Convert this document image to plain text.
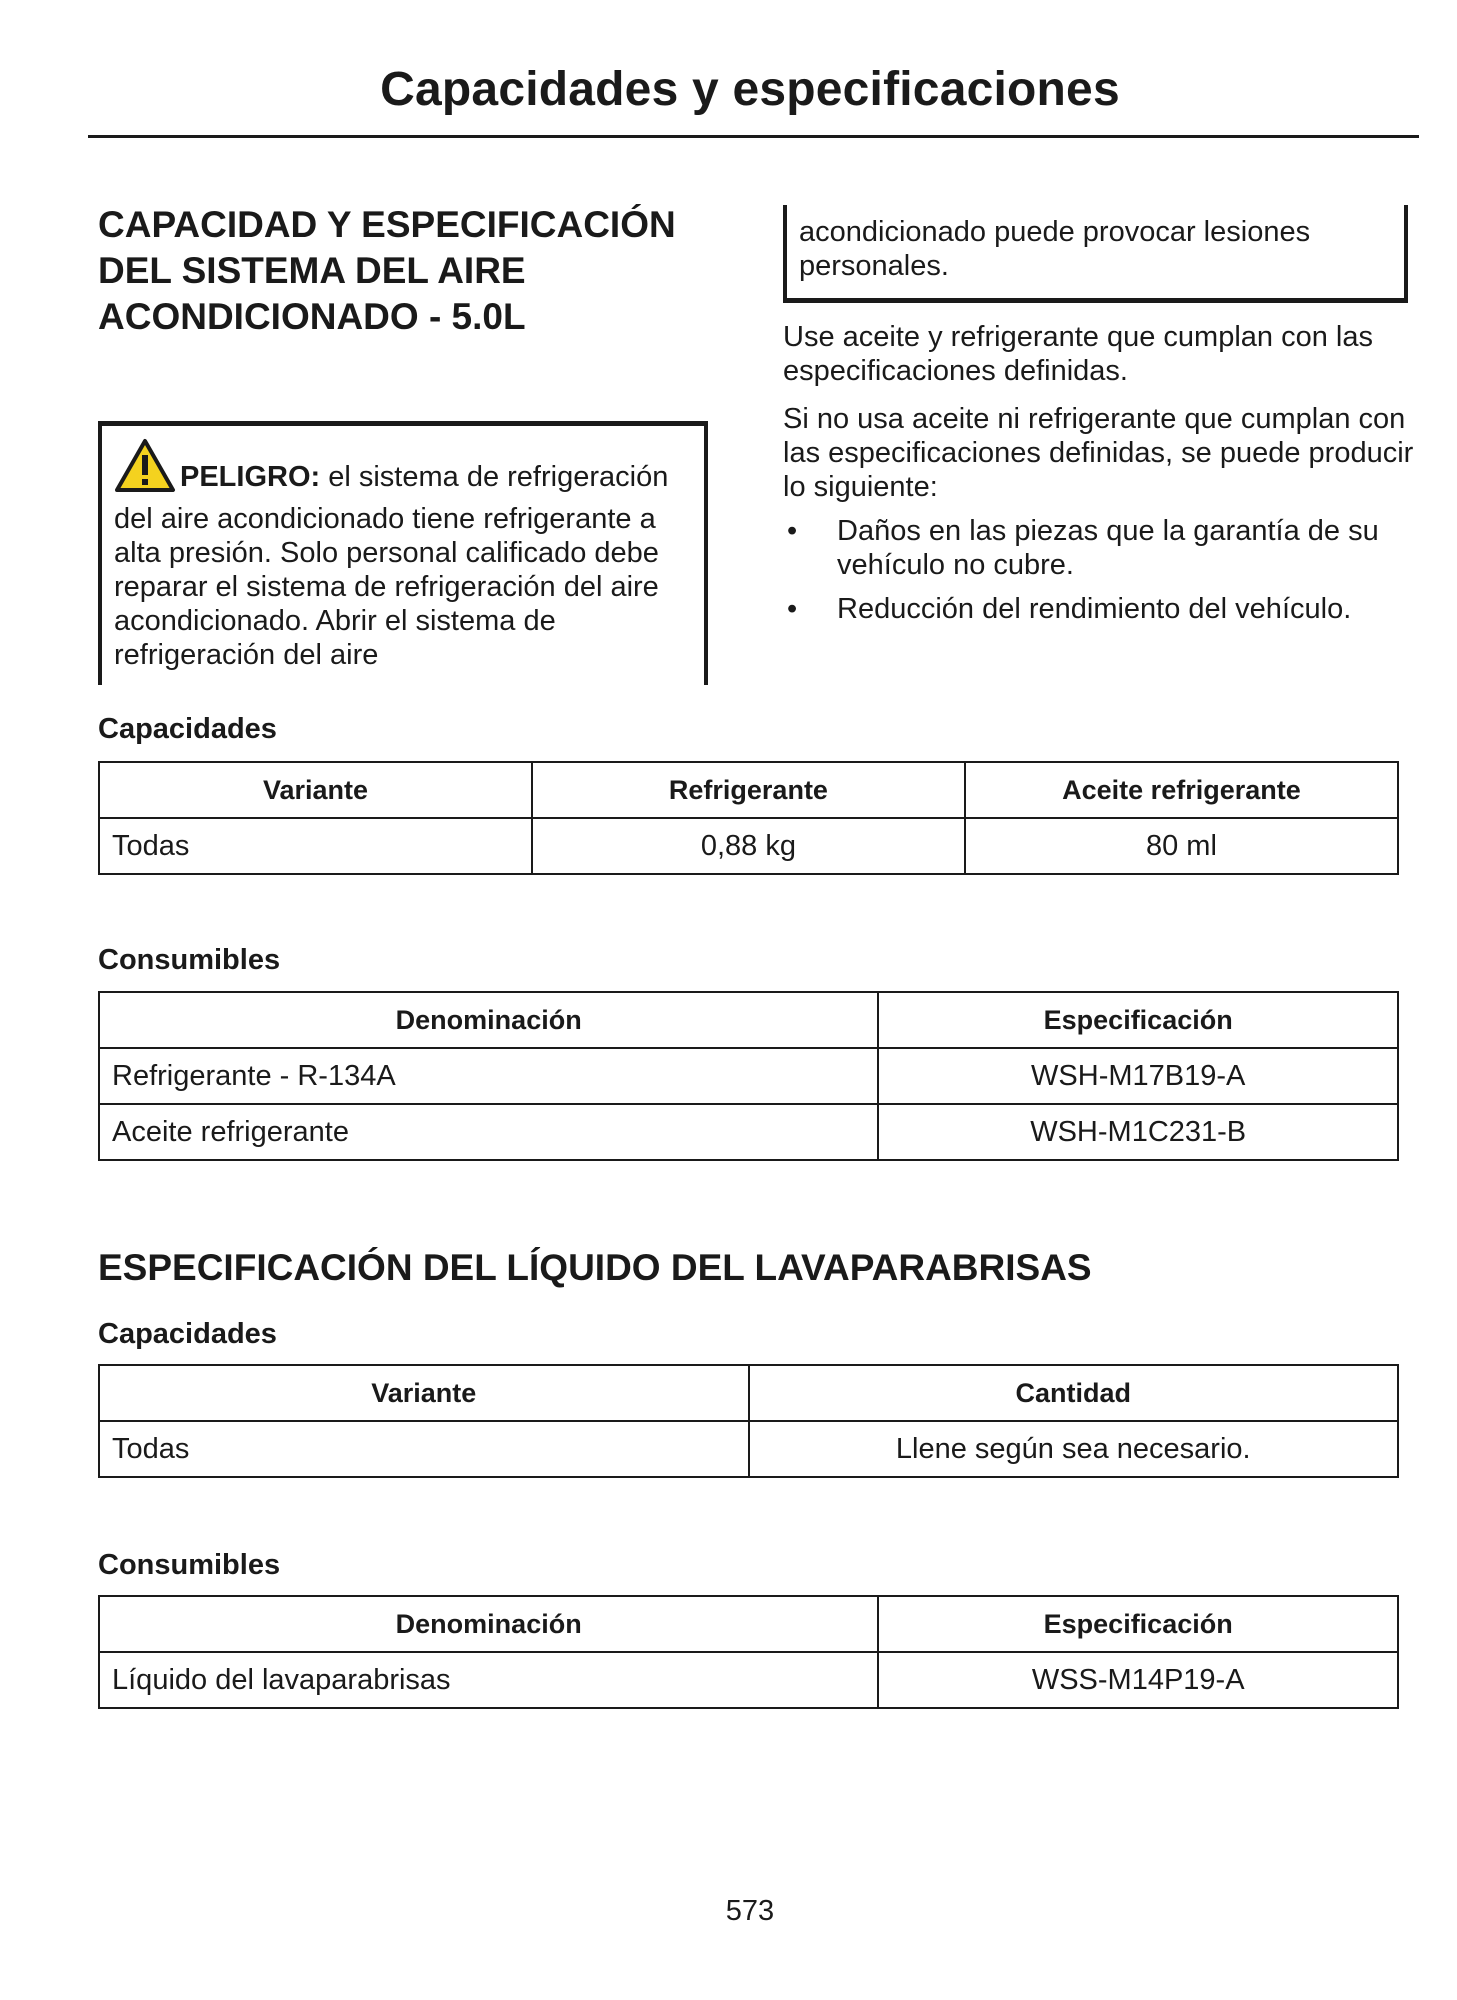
Capacidades y especificaciones
CAPACIDAD Y ESPECIFICACIÓN DEL SISTEMA DEL AIRE ACONDICIONADO - 5.0L
PELIGRO: el sistema de refrigeración del aire acondicionado tiene refrigerante a alta presión. Solo personal calificado debe reparar el sistema de refrigeración del aire acondicionado. Abrir el sistema de refrigeración del aire
acondicionado puede provocar lesiones personales.
Use aceite y refrigerante que cumplan con las especificaciones definidas.
Si no usa aceite ni refrigerante que cumplan con las especificaciones definidas, se puede producir lo siguiente:
• Daños en las piezas que la garantía de su vehículo no cubre.
• Reducción del rendimiento del vehículo.
Capacidades
Variante	Refrigerante	Aceite refrigerante
Todas	0,88 kg	80 ml
Consumibles
Denominación	Especificación
Refrigerante - R-134A	WSH-M17B19-A
Aceite refrigerante	WSH-M1C231-B
ESPECIFICACIÓN DEL LÍQUIDO DEL LAVAPARABRISAS
Capacidades
Variante	Cantidad
Todas	Llene según sea necesario.
Consumibles
Denominación	Especificación
Líquido del lavaparabrisas	WSS-M14P19-A
573
